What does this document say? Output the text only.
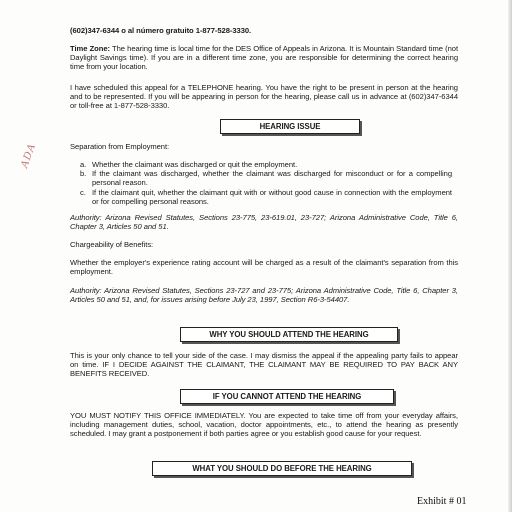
ADA

(602)347-6344 o al número gratuito 1-877-528-3330.

Time Zone: The hearing time is local time for the DES Office of Appeals in Arizona. It is Mountain Standard time (not Daylight Savings time). If you are in a different time zone, you are responsible for determining the correct hearing time from your location.

I have scheduled this appeal for a TELEPHONE hearing. You have the right to be present in person at the hearing and to be represented. If you will be appearing in person for the hearing, please call us in advance at (602)347-6344 or toll-free at 1-877-528-3330.

HEARING ISSUE

Separation from Employment:

a. Whether the claimant was discharged or quit the employment.
b. If the claimant was discharged, whether the claimant was discharged for misconduct or for a compelling personal reason.
c. If the claimant quit, whether the claimant quit with or without good cause in connection with the employment or for compelling personal reasons.

Authority: Arizona Revised Statutes, Sections 23-775, 23-619.01, 23-727; Arizona Administrative Code, Title 6, Chapter 3, Articles 50 and 51.

Chargeability of Benefits:

Whether the employer's experience rating account will be charged as a result of the claimant's separation from this employment.

Authority: Arizona Revised Statutes, Sections 23-727 and 23-775; Arizona Administrative Code, Title 6, Chapter 3, Articles 50 and 51, and, for issues arising before July 23, 1997, Section R6-3-54407.

WHY YOU SHOULD ATTEND THE HEARING

This is your only chance to tell your side of the case. I may dismiss the appeal if the appealing party fails to appear on time. IF I DECIDE AGAINST THE CLAIMANT, THE CLAIMANT MAY BE REQUIRED TO PAY BACK ANY BENEFITS RECEIVED.

IF YOU CANNOT ATTEND THE HEARING

YOU MUST NOTIFY THIS OFFICE IMMEDIATELY. You are expected to take time off from your everyday affairs, including management duties, school, vacation, doctor appointments, etc., to attend the hearing as presently scheduled. I may grant a postponement if both parties agree or you establish good cause for your request.

WHAT YOU SHOULD DO BEFORE THE HEARING
Exhibit # 01
